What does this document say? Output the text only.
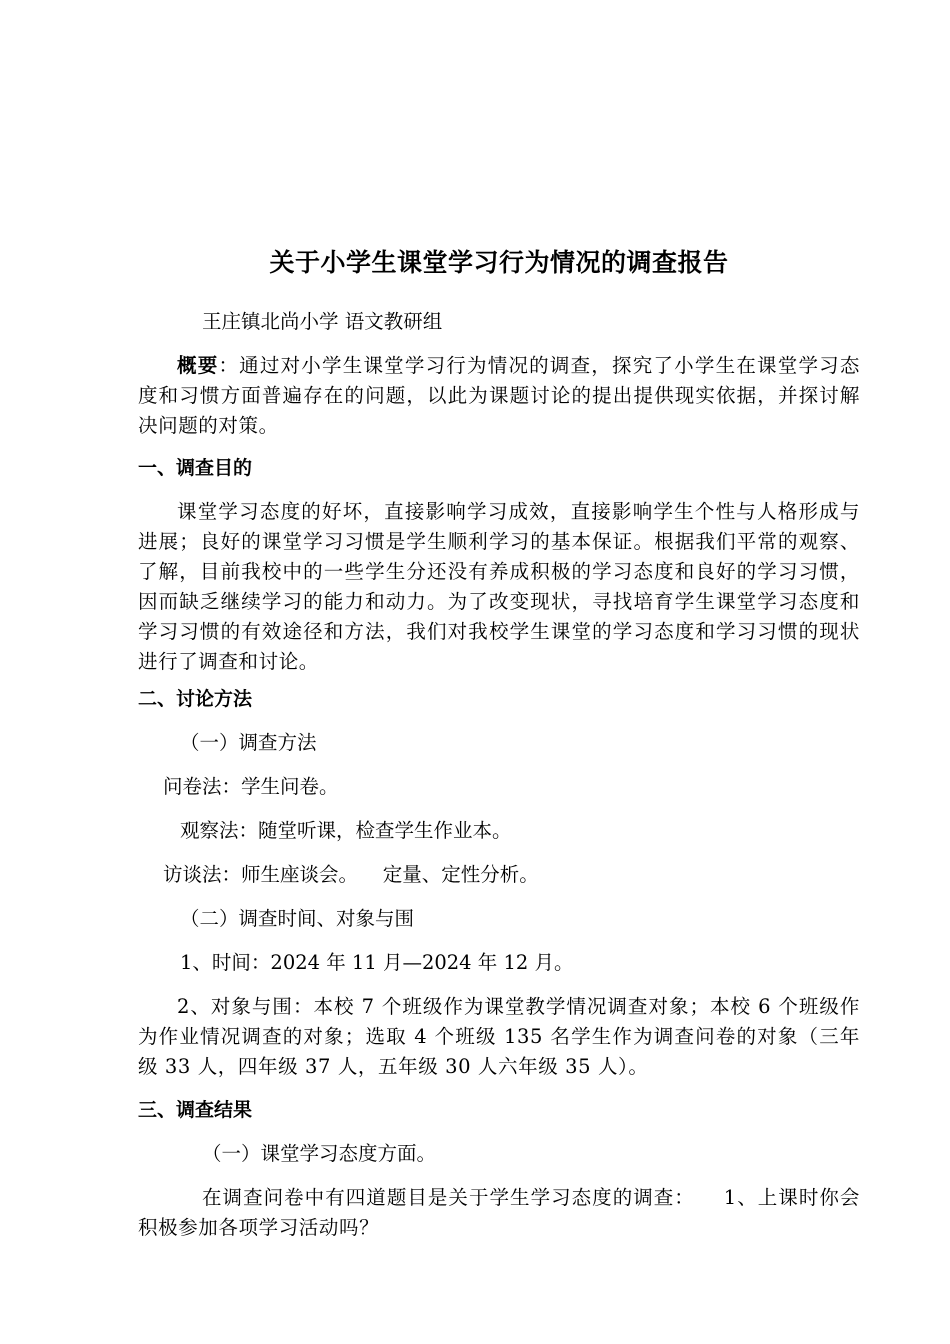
关于小学生课堂学习行为情况的调查报告
王庄镇北尚小学 语文教研组
概要：通过对小学生课堂学习行为情况的调查，探究了小学生在课堂学习态度和习惯方面普遍存在的问题，以此为课题讨论的提出提供现实依据，并探讨解决问题的对策。
一、调查目的
课堂学习态度的好坏，直接影响学习成效，直接影响学生个性与人格形成与进展；良好的课堂学习习惯是学生顺利学习的基本保证。根据我们平常的观察、了解，目前我校中的一些学生分还没有养成积极的学习态度和良好的学习习惯，因而缺乏继续学习的能力和动力。为了改变现状，寻找培育学生课堂学习态度和学习习惯的有效途径和方法，我们对我校学生课堂的学习态度和学习习惯的现状进行了调查和讨论。
二、讨论方法
（一）调查方法
问卷法：学生问卷。
观察法：随堂听课，检查学生作业本。
访谈法：师生座谈会。    定量、定性分析。
（二）调查时间、对象与围
1、时间：2024 年 11 月—2024 年 12 月。
2、对象与围：本校 7 个班级作为课堂教学情况调查对象；本校 6 个班级作为作业情况调查的对象；选取 4 个班级 135 名学生作为调查问卷的对象（三年级 33 人，四年级 37 人，五年级 30 人六年级 35 人）。
三、调查结果
（一）课堂学习态度方面。
在调查问卷中有四道题目是关于学生学习态度的调查：    1、上课时你会积极参加各项学习活动吗？
